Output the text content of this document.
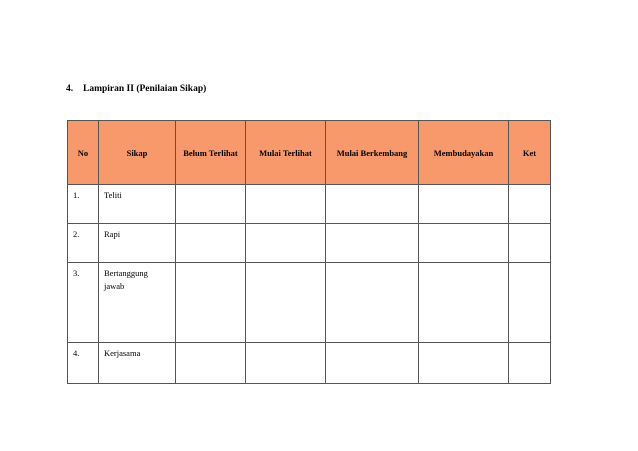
4. Lampiran II (Penilaian Sikap)
No	Sikap	Belum Terlihat	Mulai Terlihat	Mulai Berkembang	Membudayakan	Ket
1.	Teliti					
2.	Rapi					
3.	Bertanggung
jawab					

4.	Kerjasama					
